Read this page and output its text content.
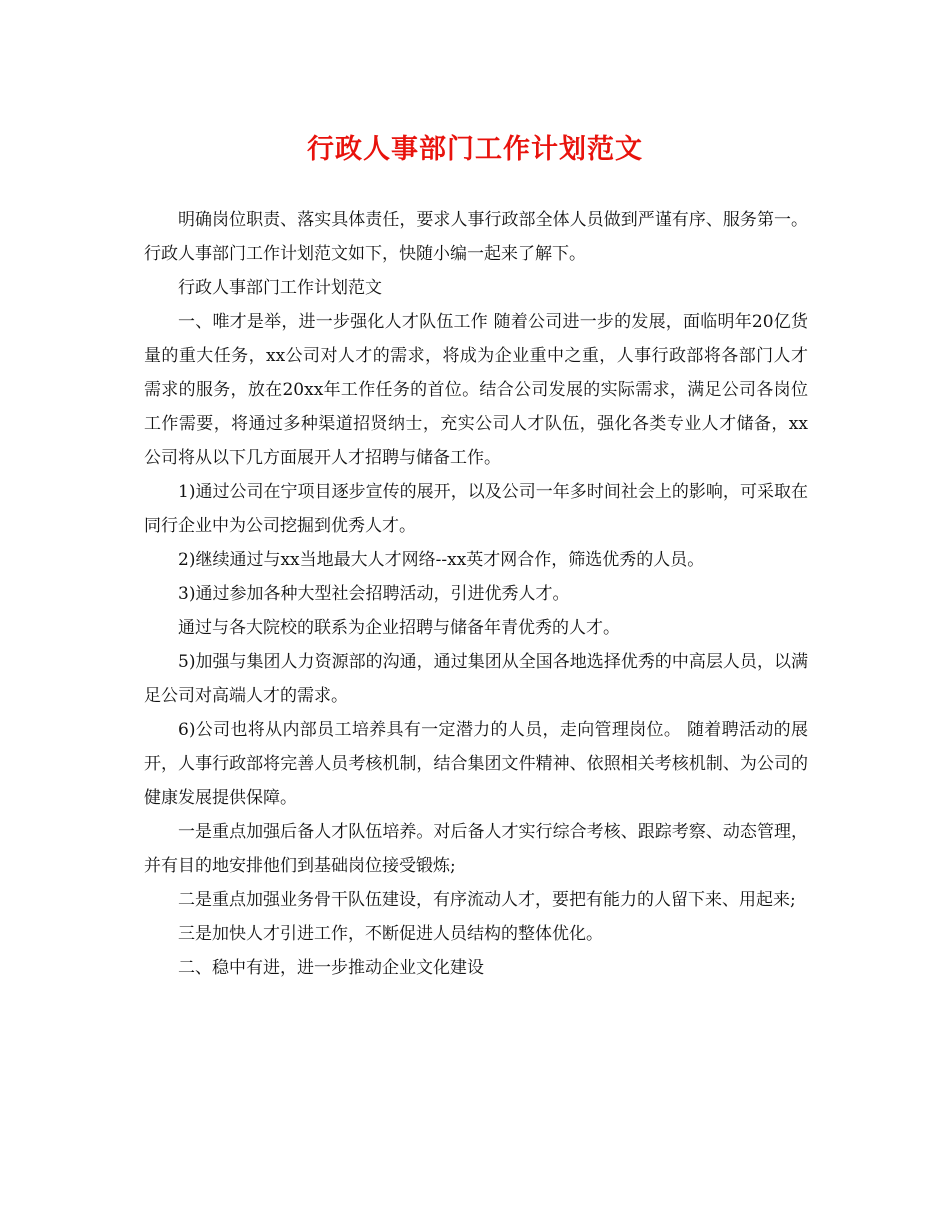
行政人事部门工作计划范文

明确岗位职责、落实具体责任，要求人事行政部全体人员做到严谨有序、服务第一。行政人事部门工作计划范文如下，快随小编一起来了解下。

行政人事部门工作计划范文

一、唯才是举，进一步强化人才队伍工作 随着公司进一步的发展，面临明年20亿货量的重大任务，xx公司对人才的需求，将成为企业重中之重，人事行政部将各部门人才需求的服务，放在20xx年工作任务的首位。结合公司发展的实际需求，满足公司各岗位工作需要，将通过多种渠道招贤纳士，充实公司人才队伍，强化各类专业人才储备，xx公司将从以下几方面展开人才招聘与储备工作。

1)通过公司在宁项目逐步宣传的展开，以及公司一年多时间社会上的影响，可采取在同行企业中为公司挖掘到优秀人才。

2)继续通过与xx当地最大人才网络--xx英才网合作，筛选优秀的人员。

3)通过参加各种大型社会招聘活动，引进优秀人才。

通过与各大院校的联系为企业招聘与储备年青优秀的人才。

5)加强与集团人力资源部的沟通，通过集团从全国各地选择优秀的中高层人员，以满足公司对高端人才的需求。

6)公司也将从内部员工培养具有一定潜力的人员，走向管理岗位。 随着聘活动的展开，人事行政部将完善人员考核机制，结合集团文件精神、依照相关考核机制、为公司的健康发展提供保障。

一是重点加强后备人才队伍培养。对后备人才实行综合考核、跟踪考察、动态管理，并有目的地安排他们到基础岗位接受锻炼;

二是重点加强业务骨干队伍建设，有序流动人才，要把有能力的人留下来、用起来;

三是加快人才引进工作，不断促进人员结构的整体优化。

二、稳中有进，进一步推动企业文化建设
